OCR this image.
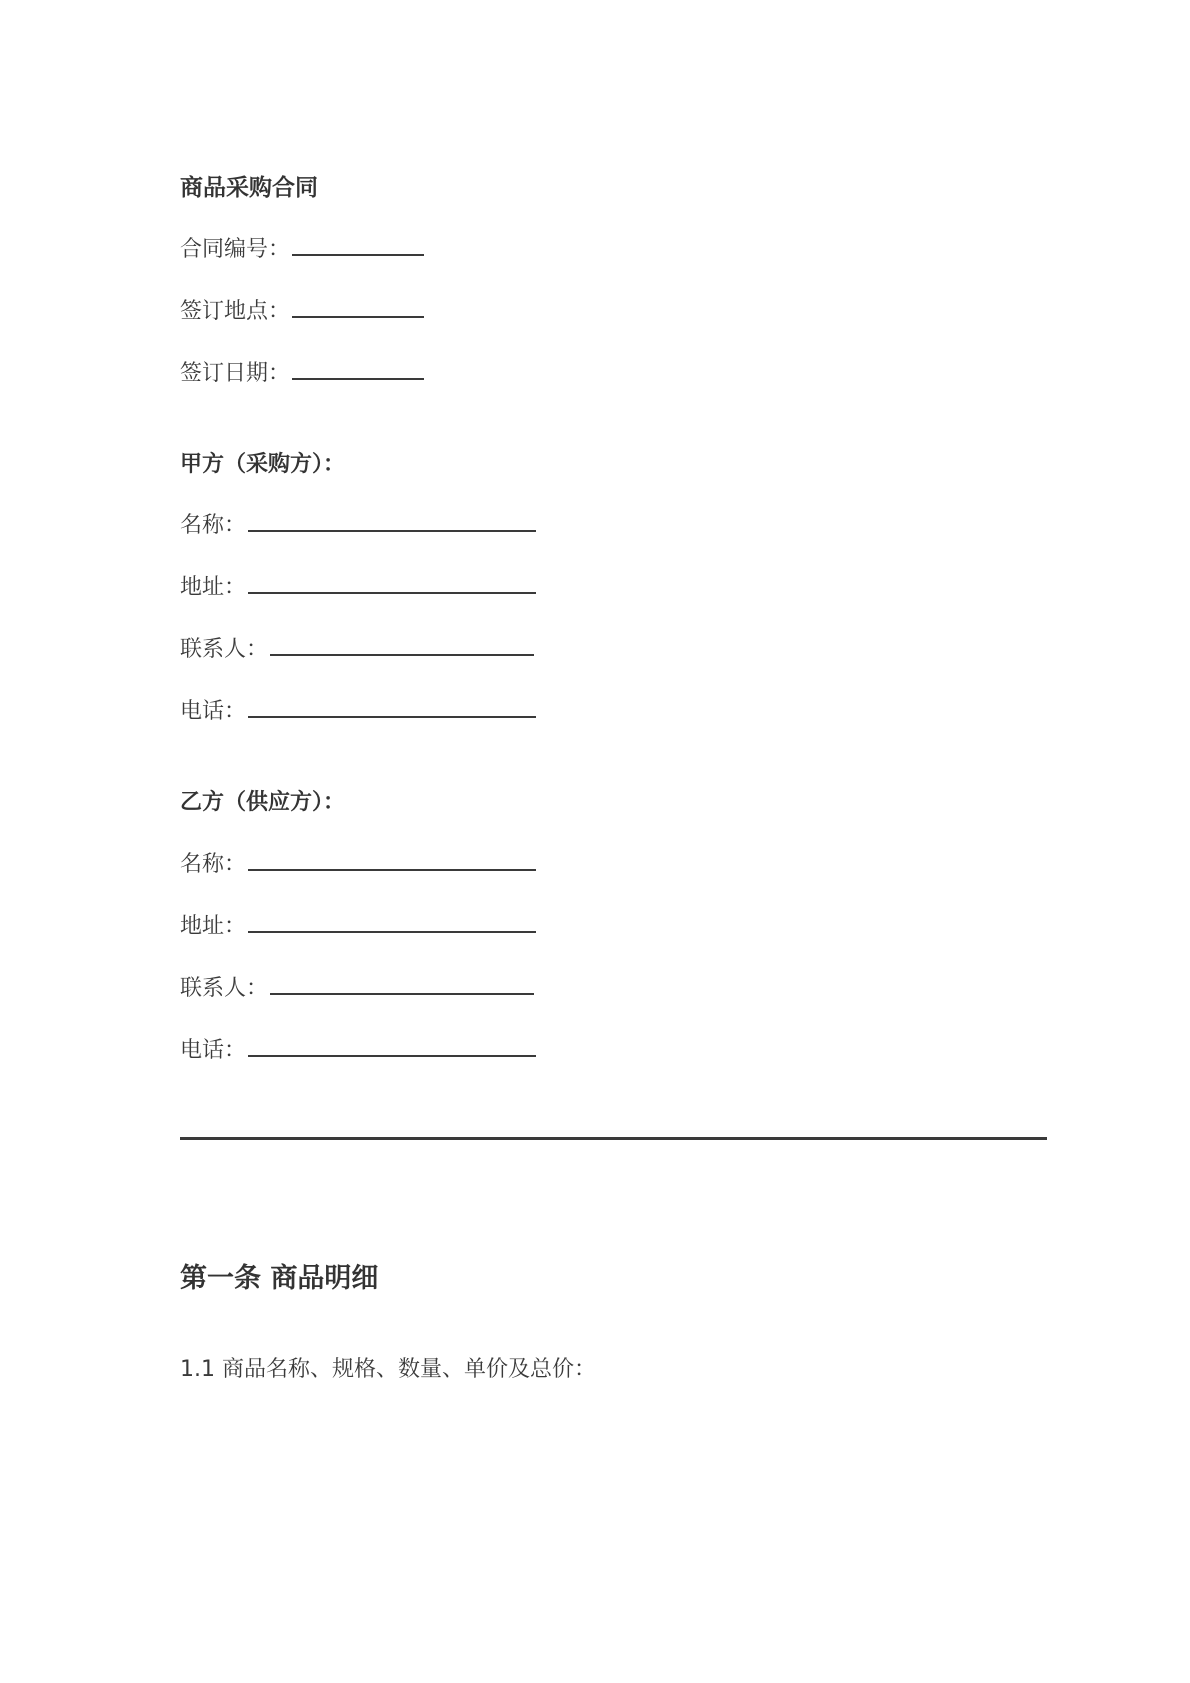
商品采购合同
合同编号：
签订地点：
签订日期：
甲方（采购方）：
名称：
地址：
联系人：
电话：
乙方（供应方）：
名称：
地址：
联系人：
电话：
第一条 商品明细
1.1 商品名称、规格、数量、单价及总价：
